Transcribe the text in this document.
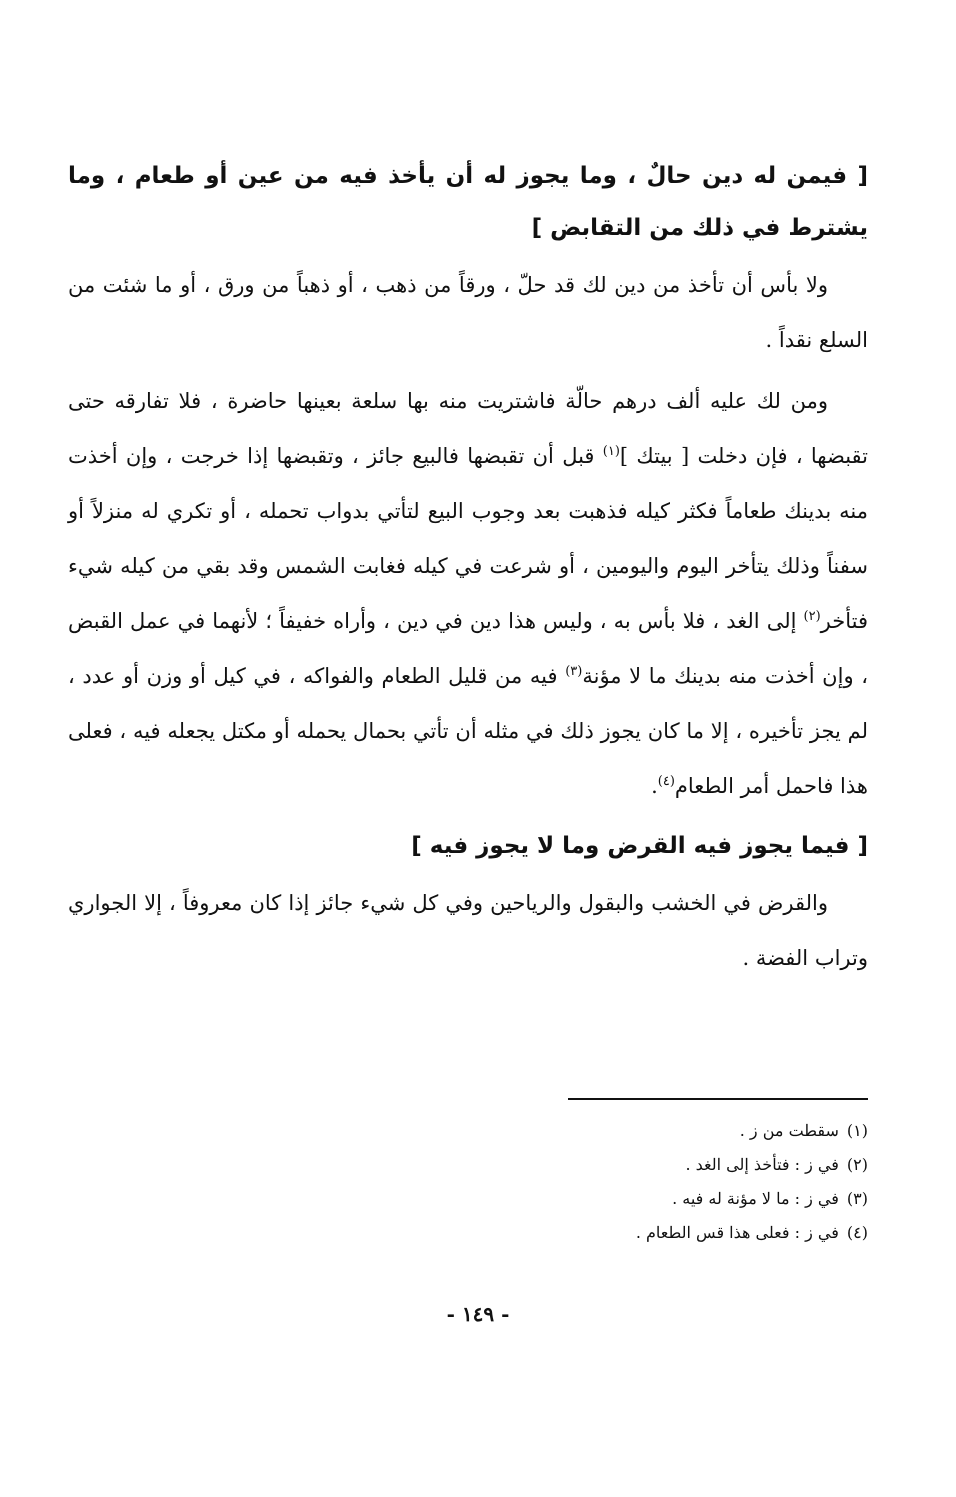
[ فيمن له دين حالٌ ، وما يجوز له أن يأخذ فيه من عين أو طعام ، وما يشترط في ذلك من التقابض ]

ولا بأس أن تأخذ من دين لك قد حلّ ، ورقاً من ذهب ، أو ذهباً من ورق ، أو ما شئت من السلع نقداً .

ومن لك عليه ألف درهم حالّة فاشتريت منه بها سلعة بعينها حاضرة ، فلا تفارقه حتى تقبضها ، فإن دخلت [ بيتك ]$^{(١)}$ قبل أن تقبضها فالبيع جائز ، وتقبضها إذا خرجت ، وإن أخذت منه بدينك طعاماً فكثر كيله فذهبت بعد وجوب البيع لتأتي بدواب تحمله ، أو تكري له منزلاً أو سفناً وذلك يتأخر اليوم واليومين ، أو شرعت في كيله فغابت الشمس وقد بقي من كيله شيء فتأخر$^{(٢)}$ إلى الغد ، فلا بأس به ، وليس هذا دين في دين ، وأراه خفيفاً ؛ لأنهما في عمل القبض ، وإن أخذت منه بدينك ما لا مؤنة$^{(٣)}$ فيه من قليل الطعام والفواكه ، في كيل أو وزن أو عدد ، لم يجز تأخيره ، إلا ما كان يجوز ذلك في مثله أن تأتي بحمال يحمله أو مكتل يجعله فيه ، فعلى هذا فاحمل أمر الطعام$^{(٤)}$.

[ فيما يجوز فيه القرض وما لا يجوز فيه ]

والقرض في الخشب والبقول والرياحين وفي كل شيء جائز إذا كان معروفاً ، إلا الجواري وتراب الفضة .

(١)سقطت من ز .

(٢)في ز : فتأخذ إلى الغد .

(٣)في ز : ما لا مؤنة له فيه .

(٤)في ز : فعلى هذا قس الطعام .

- ١٤٩ -
